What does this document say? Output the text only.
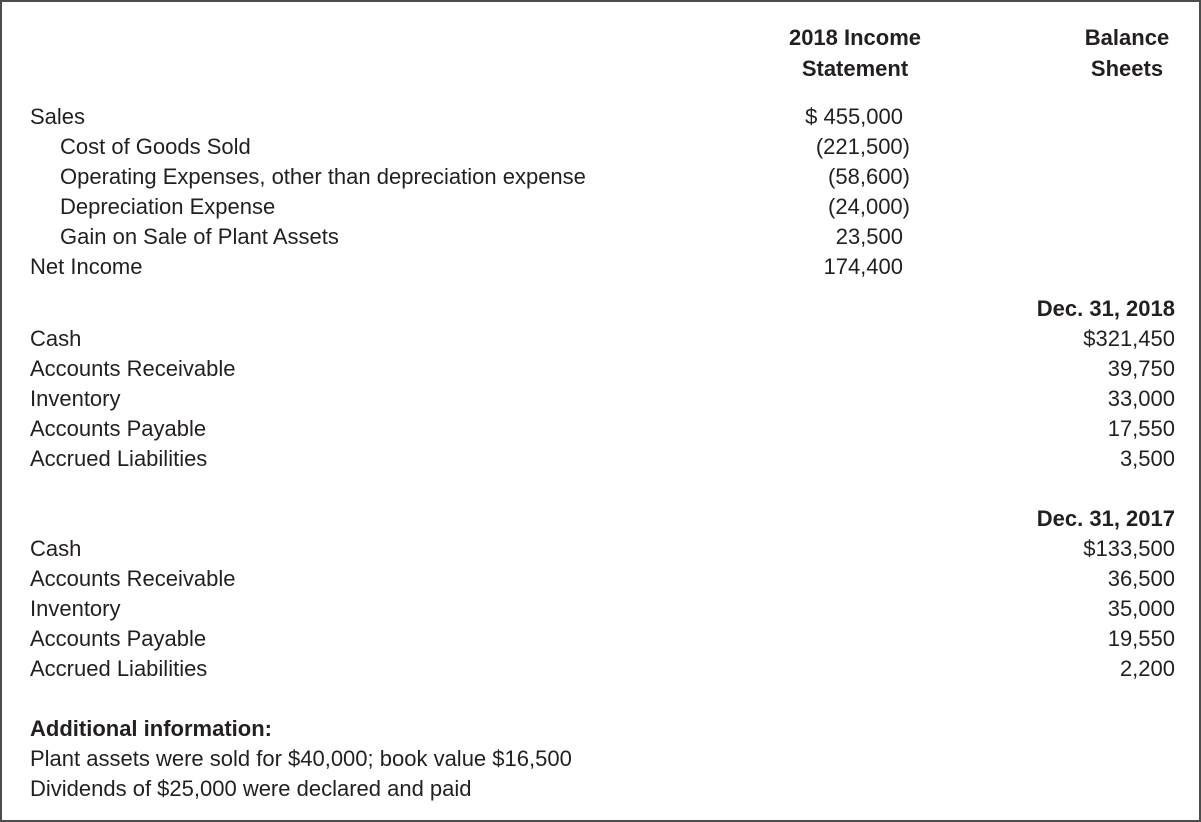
2018 Income
Statement
Balance
Sheets
Sales	$ 455,000
Cost of Goods Sold	(221,500)
Operating Expenses, other than depreciation expense	(58,600)
Depreciation Expense	(24,000)
Gain on Sale of Plant Assets	23,500
Net Income	174,400
Dec. 31, 2018
Cash	$321,450
Accounts Receivable	39,750
Inventory	33,000
Accounts Payable	17,550
Accrued Liabilities	3,500
Dec. 31, 2017
Cash	$133,500
Accounts Receivable	36,500
Inventory	35,000
Accounts Payable	19,550
Accrued Liabilities	2,200
Additional information:
Plant assets were sold for $40,000; book value $16,500
Dividends of $25,000 were declared and paid
